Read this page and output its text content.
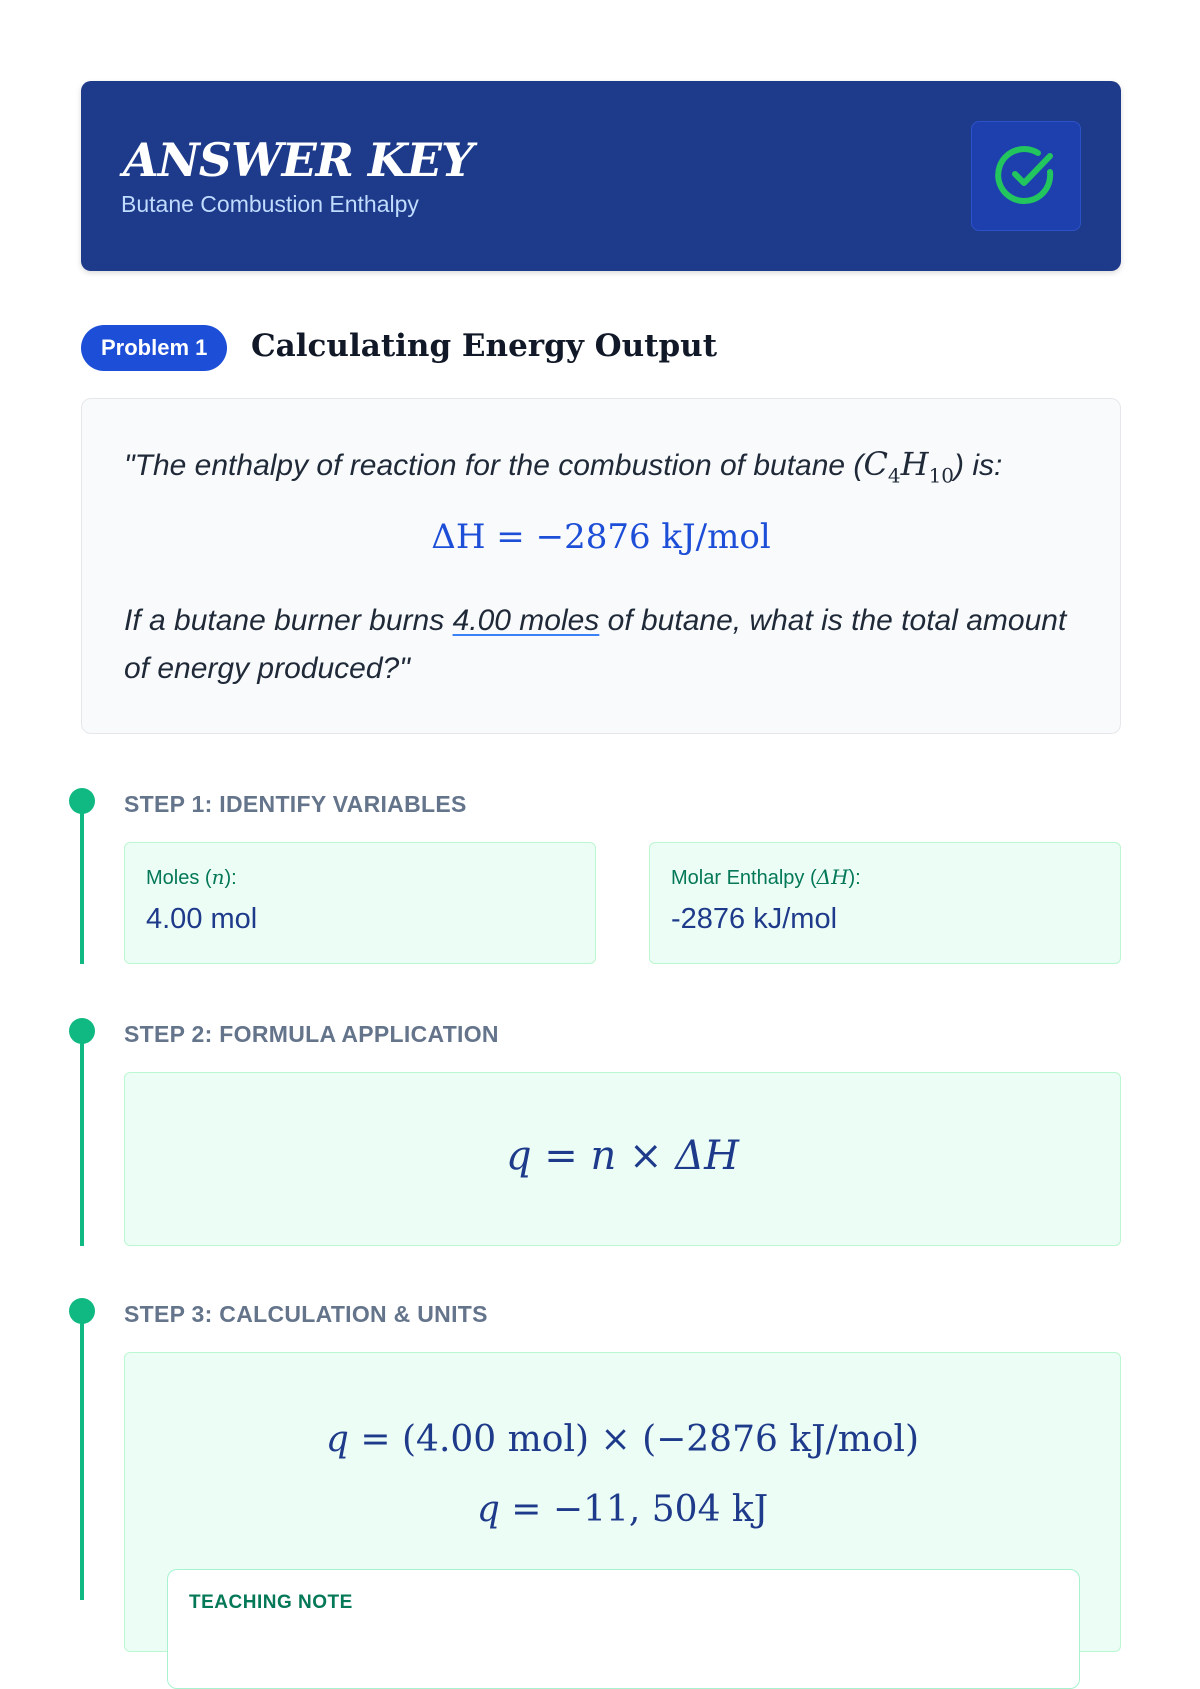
ANSWER KEY
Butane Combustion Enthalpy
Problem 1	Calculating Energy Output
"The enthalpy of reaction for the combustion of butane $(C_4H_{10})$ is:
ΔH = −2876 kJ/mol
If a butane burner burns 4.00 moles of butane, what is the total amount of energy produced?"
STEP 1: IDENTIFY VARIABLES
Moles (n):
4.00 mol
Molar Enthalpy (ΔH):
-2876 kJ/mol
STEP 2: FORMULA APPLICATION
q = n × ΔH
STEP 3: CALCULATION & UNITS
q = (4.00 mol) × (−2876 kJ/mol)
q = −11, 504 kJ
TEACHING NOTE
